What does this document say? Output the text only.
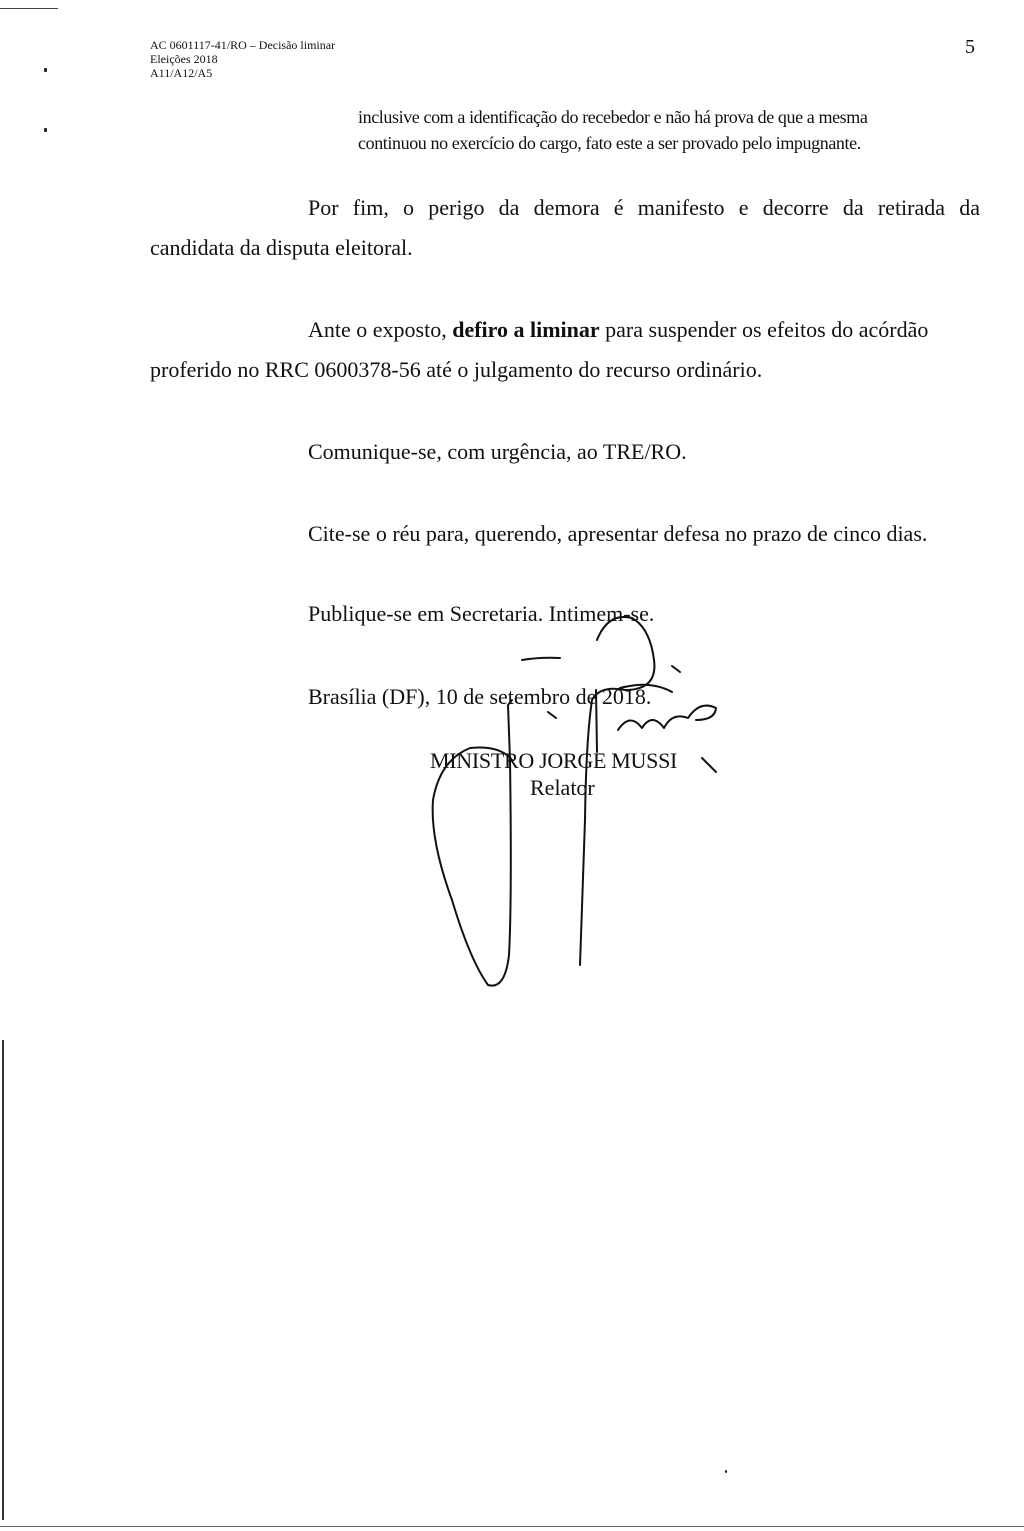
AC 0601117-41/RO – Decisão liminar
Eleições 2018
A11/A12/A5
5
inclusive com a identificação do recebedor e não há prova de que a mesma
continuou no exercício do cargo, fato este a ser provado pelo impugnante.
Por fim, o perigo da demora é manifesto e decorre da retirada da
candidata da disputa eleitoral.
Ante o exposto, defiro a liminar para suspender os efeitos do acórdão
proferido no RRC 0600378-56 até o julgamento do recurso ordinário.
Comunique-se, com urgência, ao TRE/RO.
Cite-se o réu para, querendo, apresentar defesa no prazo de cinco dias.
Publique-se em Secretaria. Intimem-se.
Brasília (DF), 10 de setembro de 2018.
MINISTRO JORGE MUSSI
Relator
